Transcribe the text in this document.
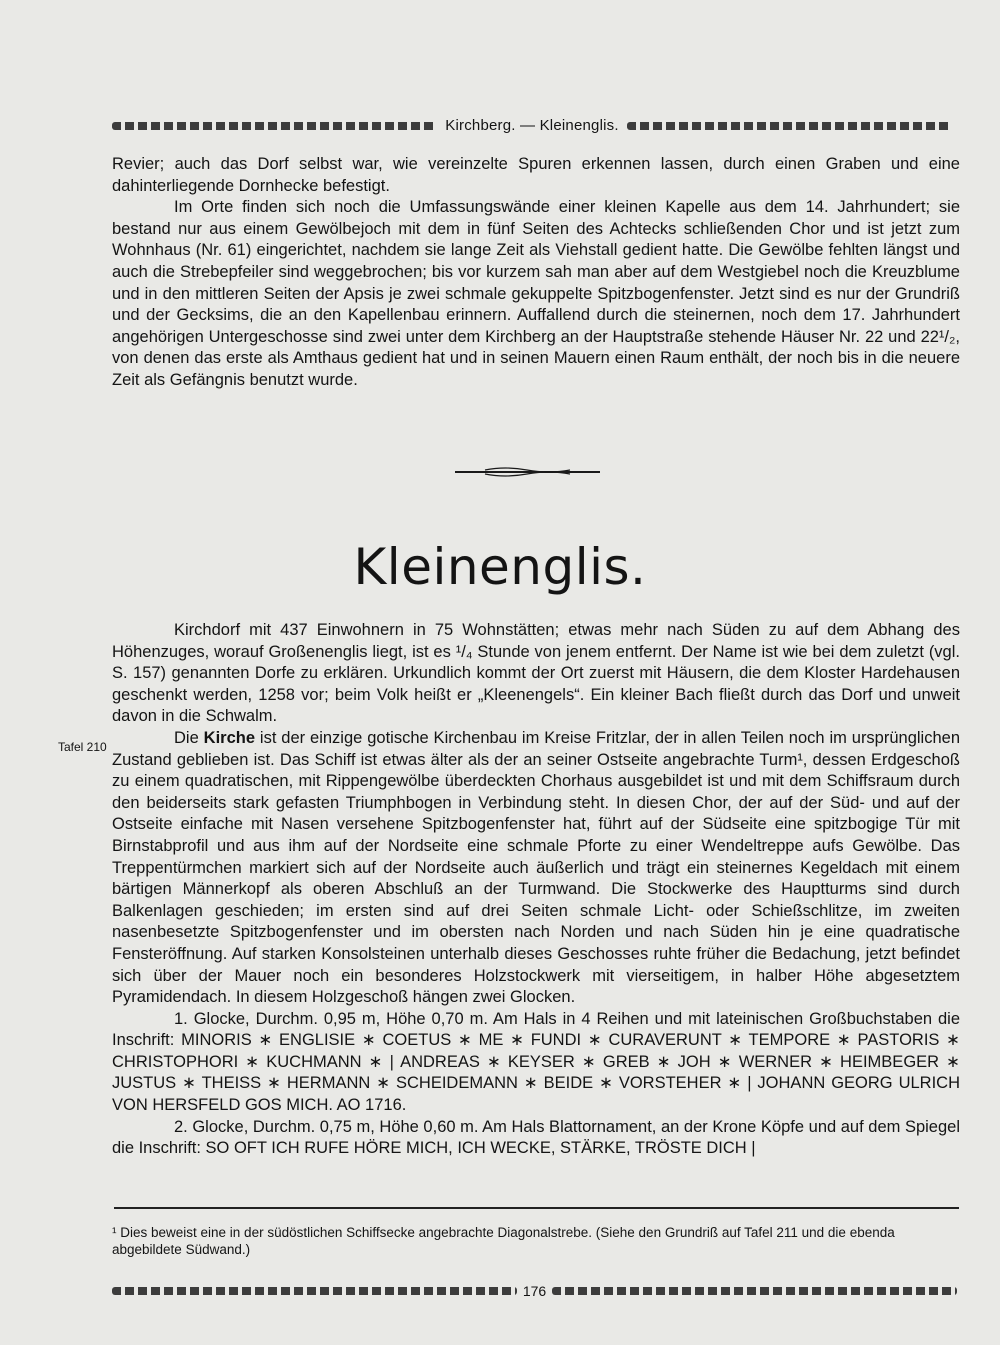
Kirchberg. — Kleinenglis.

Revier; auch das Dorf selbst war, wie vereinzelte Spuren erkennen lassen, durch einen Graben und eine dahinterliegende Dornhecke befestigt.

Im Orte finden sich noch die Umfassungswände einer kleinen Kapelle aus dem 14. Jahrhundert; sie bestand nur aus einem Gewölbejoch mit dem in fünf Seiten des Achtecks schließenden Chor und ist jetzt zum Wohnhaus (Nr. 61) eingerichtet, nachdem sie lange Zeit als Viehstall gedient hatte. Die Gewölbe fehlten längst und auch die Strebepfeiler sind weggebrochen; bis vor kurzem sah man aber auf dem Westgiebel noch die Kreuzblume und in den mittleren Seiten der Apsis je zwei schmale gekuppelte Spitzbogenfenster. Jetzt sind es nur der Grundriß und der Gecksims, die an den Kapellenbau erinnern. Auffallend durch die steinernen, noch dem 17. Jahrhundert angehörigen Untergeschosse sind zwei unter dem Kirchberg an der Hauptstraße stehende Häuser Nr. 22 und 22¹/₂, von denen das erste als Amthaus gedient hat und in seinen Mauern einen Raum enthält, der noch bis in die neuere Zeit als Gefängnis benutzt wurde.

Kleinenglis.
Tafel 210

Kirchdorf mit 437 Einwohnern in 75 Wohnstätten; etwas mehr nach Süden zu auf dem Abhang des Höhenzuges, worauf Großenenglis liegt, ist es ¹/₄ Stunde von jenem entfernt. Der Name ist wie bei dem zuletzt (vgl. S. 157) genannten Dorfe zu erklären. Urkundlich kommt der Ort zuerst mit Häusern, die dem Kloster Hardehausen geschenkt werden, 1258 vor; beim Volk heißt er „Kleenengels“. Ein kleiner Bach fließt durch das Dorf und unweit davon in die Schwalm.

Die Kirche ist der einzige gotische Kirchenbau im Kreise Fritzlar, der in allen Teilen noch im ursprünglichen Zustand geblieben ist. Das Schiff ist etwas älter als der an seiner Ostseite angebrachte Turm¹, dessen Erdgeschoß zu einem quadratischen, mit Rippengewölbe überdeckten Chorhaus ausgebildet ist und mit dem Schiffsraum durch den beiderseits stark gefasten Triumphbogen in Verbindung steht. In diesen Chor, der auf der Süd- und auf der Ostseite einfache mit Nasen versehene Spitzbogenfenster hat, führt auf der Südseite eine spitzbogige Tür mit Birnstabprofil und aus ihm auf der Nordseite eine schmale Pforte zu einer Wendeltreppe aufs Gewölbe. Das Treppentürmchen markiert sich auf der Nordseite auch äußerlich und trägt ein steinernes Kegeldach mit einem bärtigen Männerkopf als oberen Abschluß an der Turmwand. Die Stockwerke des Hauptturms sind durch Balkenlagen geschieden; im ersten sind auf drei Seiten schmale Licht- oder Schießschlitze, im zweiten nasenbesetzte Spitzbogenfenster und im obersten nach Norden und nach Süden hin je eine quadratische Fensteröffnung. Auf starken Konsolsteinen unterhalb dieses Geschosses ruhte früher die Bedachung, jetzt befindet sich über der Mauer noch ein besonderes Holzstockwerk mit vierseitigem, in halber Höhe abgesetztem Pyramidendach. In diesem Holzgeschoß hängen zwei Glocken.

1. Glocke, Durchm. 0,95 m, Höhe 0,70 m. Am Hals in 4 Reihen und mit lateinischen Großbuchstaben die Inschrift: MINORIS ∗ ENGLISIE ∗ COETUS ∗ ME ∗ FUNDI ∗ CURAVERUNT ∗ TEMPORE ∗ PASTORIS ∗ CHRISTOPHORI ∗ KUCHMANN ∗ | ANDREAS ∗ KEYSER ∗ GREB ∗ JOH ∗ WERNER ∗ HEIMBEGER ∗ JUSTUS ∗ THEISS ∗ HERMANN ∗ SCHEIDEMANN ∗ BEIDE ∗ VORSTEHER ∗ | JOHANN GEORG ULRICH VON HERSFELD GOS MICH. AO 1716.

2. Glocke, Durchm. 0,75 m, Höhe 0,60 m. Am Hals Blattornament, an der Krone Köpfe und auf dem Spiegel die Inschrift: SO OFT ICH RUFE HÖRE MICH, ICH WECKE, STÄRKE, TRÖSTE DICH |

¹ Dies beweist eine in der südöstlichen Schiffsecke angebrachte Diagonalstrebe. (Siehe den Grundriß auf Tafel 211 und die ebenda abgebildete Südwand.)
176
